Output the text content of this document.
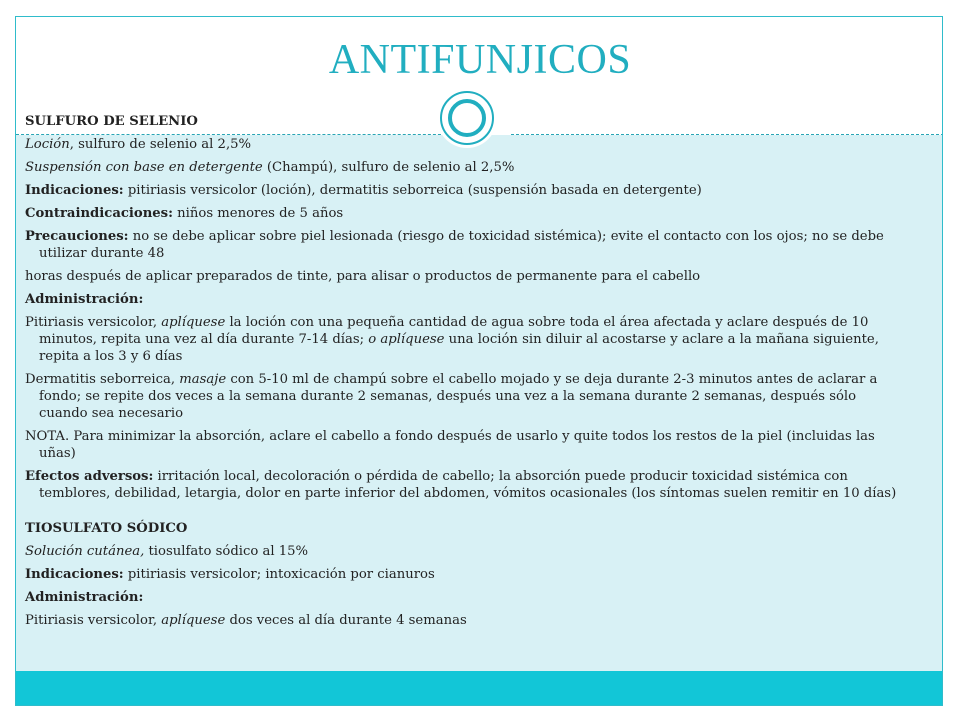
ANTIFUNJICOS

SULFURO DE SELENIO

Loción, sulfuro de selenio al 2,5%

Suspensión con base en detergente (Champú), sulfuro de selenio al 2,5%

Indicaciones: pitiriasis versicolor (loción), dermatitis seborreica (suspensión basada en detergente)

Contraindicaciones: niños menores de 5 años

Precauciones: no se debe aplicar sobre piel lesionada (riesgo de toxicidad sistémica); evite el contacto con los ojos; no se debe utilizar durante 48

horas después de aplicar preparados de tinte, para alisar o productos de permanente para el cabello

Administración:

Pitiriasis versicolor, aplíquese la loción con una pequeña cantidad de agua sobre toda el área afectada y aclare después de 10 minutos, repita una vez al día durante 7-14 días; o aplíquese una loción sin diluir al acostarse y aclare a la mañana siguiente, repita a los 3 y 6 días

Dermatitis seborreica, masaje con 5-10 ml de champú sobre el cabello mojado y se deja durante 2-3 minutos antes de aclarar a fondo; se repite dos veces a la semana durante 2 semanas, después una vez a la semana durante 2 semanas, después sólo cuando sea necesario

NOTA. Para minimizar la absorción, aclare el cabello a fondo después de usarlo y quite todos los restos de la piel (incluidas las uñas)

Efectos adversos: irritación local, decoloración o pérdida de cabello; la absorción puede producir toxicidad sistémica con temblores, debilidad, letargia, dolor en parte inferior del abdomen, vómitos ocasionales (los síntomas suelen remitir en 10 días)

TIOSULFATO SÓDICO

Solución cutánea, tiosulfato sódico al 15%

Indicaciones: pitiriasis versicolor; intoxicación por cianuros

Administración:

Pitiriasis versicolor, aplíquese dos veces al día durante 4 semanas
